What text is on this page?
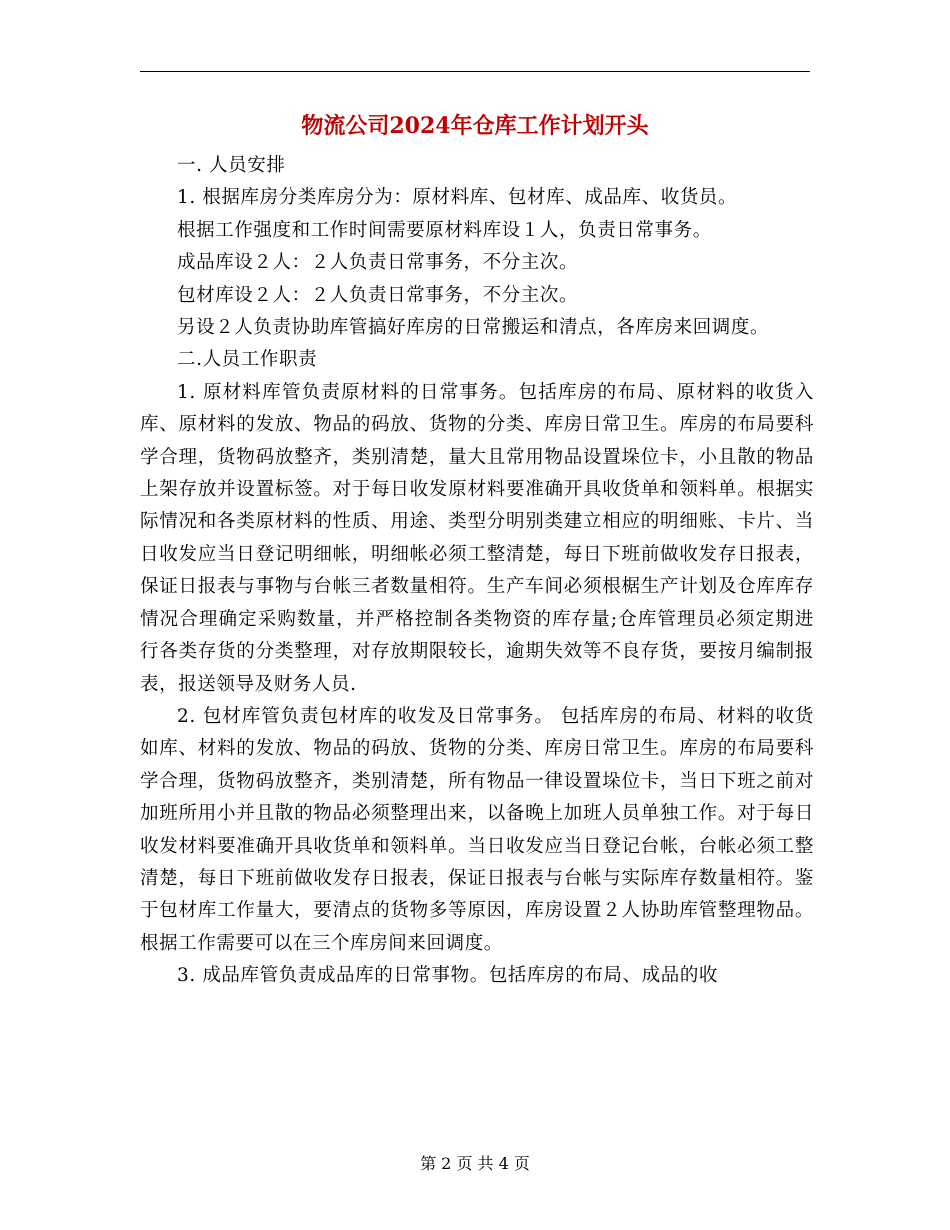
物流公司2024年仓库工作计划开头

一. 人员安排

1. 根据库房分类库房分为：原材料库、包材库、成品库、收货员。

根据工作强度和工作时间需要原材料库设１人，负责日常事务。

成品库设２人：２人负责日常事务，不分主次。

包材库设２人：２人负责日常事务，不分主次。

另设２人负责协助库管搞好库房的日常搬运和清点，各库房来回调度。

二.人员工作职责

1. 原材料库管负责原材料的日常事务。包括库房的布局、原材料的收货入库、原材料的发放、物品的码放、货物的分类、库房日常卫生。库房的布局要科学合理，货物码放整齐，类别清楚，量大且常用物品设置垛位卡，小且散的物品上架存放并设置标签。对于每日收发原材料要准确开具收货单和领料单。根据实际情况和各类原材料的性质、用途、类型分明别类建立相应的明细账、卡片、当日收发应当日登记明细帐，明细帐必须工整清楚，每日下班前做收发存日报表，保证日报表与事物与台帐三者数量相符。生产车间必须根椐生产计划及仓库库存情况合理确定采购数量，并严格控制各类物资的库存量;仓库管理员必须定期进行各类存货的分类整理，对存放期限较长，逾期失效等不良存货，要按月编制报表，报送领导及财务人员.

2. 包材库管负责包材库的收发及日常事务。 包括库房的布局、材料的收货如库、材料的发放、物品的码放、货物的分类、库房日常卫生。库房的布局要科学合理，货物码放整齐，类别清楚，所有物品一律设置垛位卡，当日下班之前对加班所用小并且散的物品必须整理出来，以备晚上加班人员单独工作。对于每日收发材料要准确开具收货单和领料单。当日收发应当日登记台帐，台帐必须工整清楚，每日下班前做收发存日报表，保证日报表与台帐与实际库存数量相符。鉴于包材库工作量大，要清点的货物多等原因，库房设置２人协助库管整理物品。根据工作需要可以在三个库房间来回调度。

3. 成品库管负责成品库的日常事物。包括库房的布局、成品的收

第 2 页 共 4 页
